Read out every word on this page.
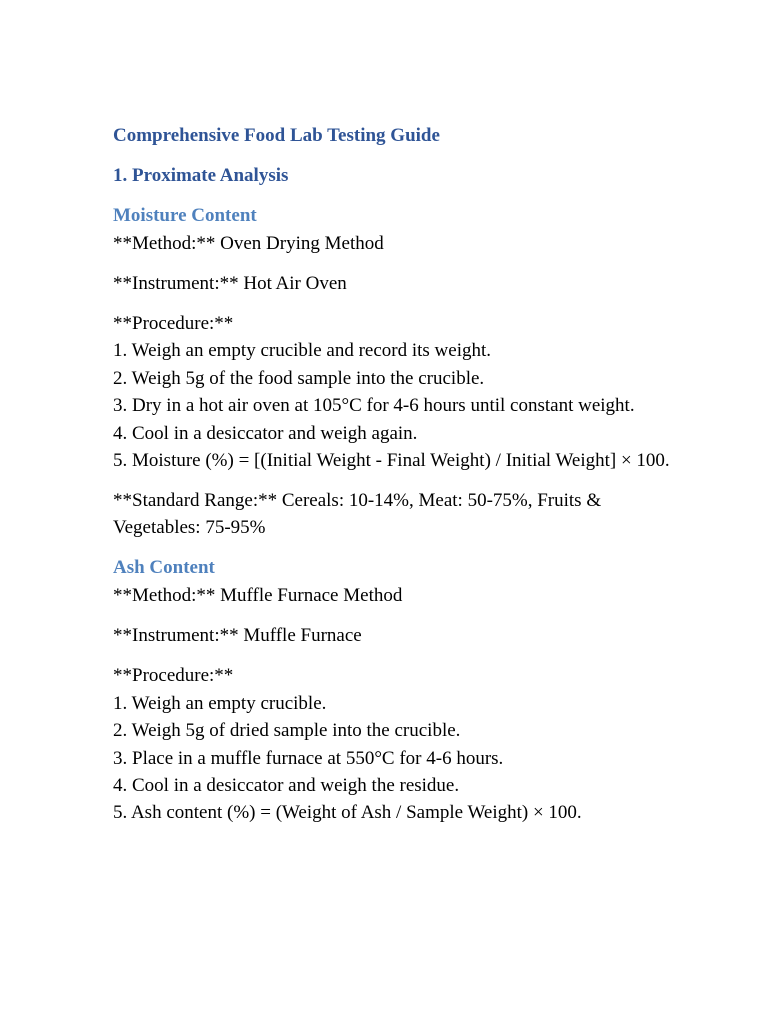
Comprehensive Food Lab Testing Guide
1. Proximate Analysis
Moisture Content
**Method:** Oven Drying Method
**Instrument:** Hot Air Oven
**Procedure:**
1. Weigh an empty crucible and record its weight.
2. Weigh 5g of the food sample into the crucible.
3. Dry in a hot air oven at 105°C for 4-6 hours until constant weight.
4. Cool in a desiccator and weigh again.
5. Moisture (%) = [(Initial Weight - Final Weight) / Initial Weight] × 100.
**Standard Range:** Cereals: 10-14%, Meat: 50-75%, Fruits & Vegetables: 75-95%
Ash Content
**Method:** Muffle Furnace Method
**Instrument:** Muffle Furnace
**Procedure:**
1. Weigh an empty crucible.
2. Weigh 5g of dried sample into the crucible.
3. Place in a muffle furnace at 550°C for 4-6 hours.
4. Cool in a desiccator and weigh the residue.
5. Ash content (%) = (Weight of Ash / Sample Weight) × 100.
